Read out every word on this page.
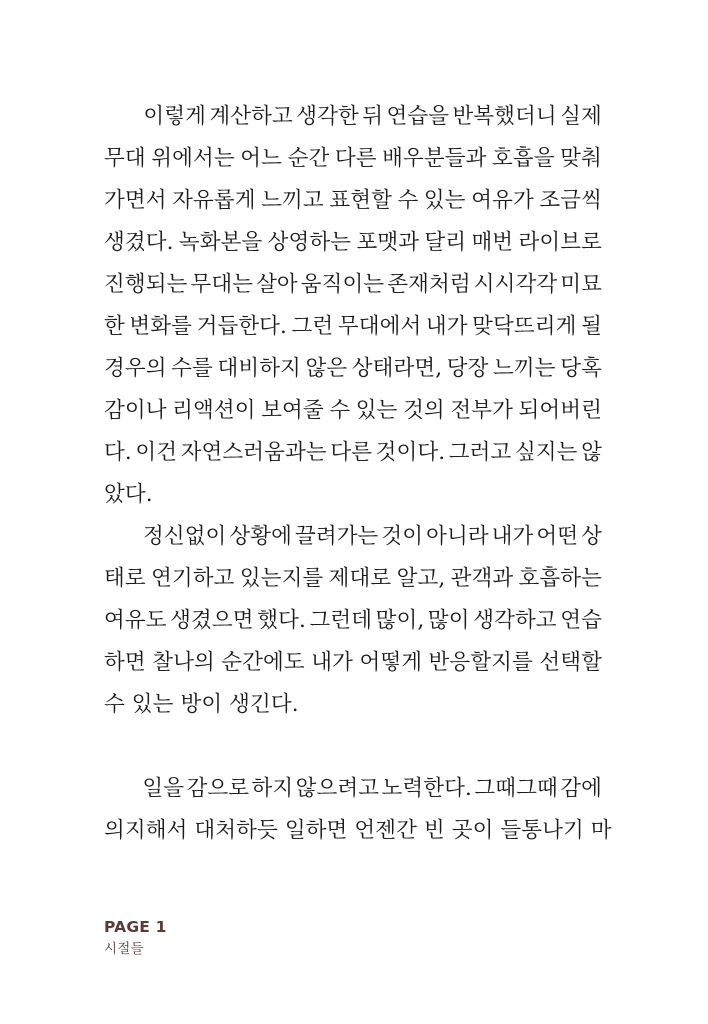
이렇게 계산하고 생각한 뒤 연습을 반복했더니 실제
무대 위에서는 어느 순간 다른 배우분들과 호흡을 맞춰
가면서 자유롭게 느끼고 표현할 수 있는 여유가 조금씩
생겼다. 녹화본을 상영하는 포맷과 달리 매번 라이브로
진행되는 무대는 살아 움직이는 존재처럼 시시각각 미묘
한 변화를 거듭한다. 그런 무대에서 내가 맞닥뜨리게 될
경우의 수를 대비하지 않은 상태라면, 당장 느끼는 당혹
감이나 리액션이 보여줄 수 있는 것의 전부가 되어버린
다. 이건 자연스러움과는 다른 것이다. 그러고 싶지는 않
았다.

정신없이 상황에 끌려가는 것이 아니라 내가 어떤 상
태로 연기하고 있는지를 제대로 알고, 관객과 호흡하는
여유도 생겼으면 했다. 그런데 많이, 많이 생각하고 연습
하면 찰나의 순간에도 내가 어떻게 반응할지를 선택할
수 있는 방이 생긴다.

일을 감으로 하지 않으려고 노력한다. 그때그때 감에
의지해서 대처하듯 일하면 언젠간 빈 곳이 들통나기 마

PAGE 1
시절들
